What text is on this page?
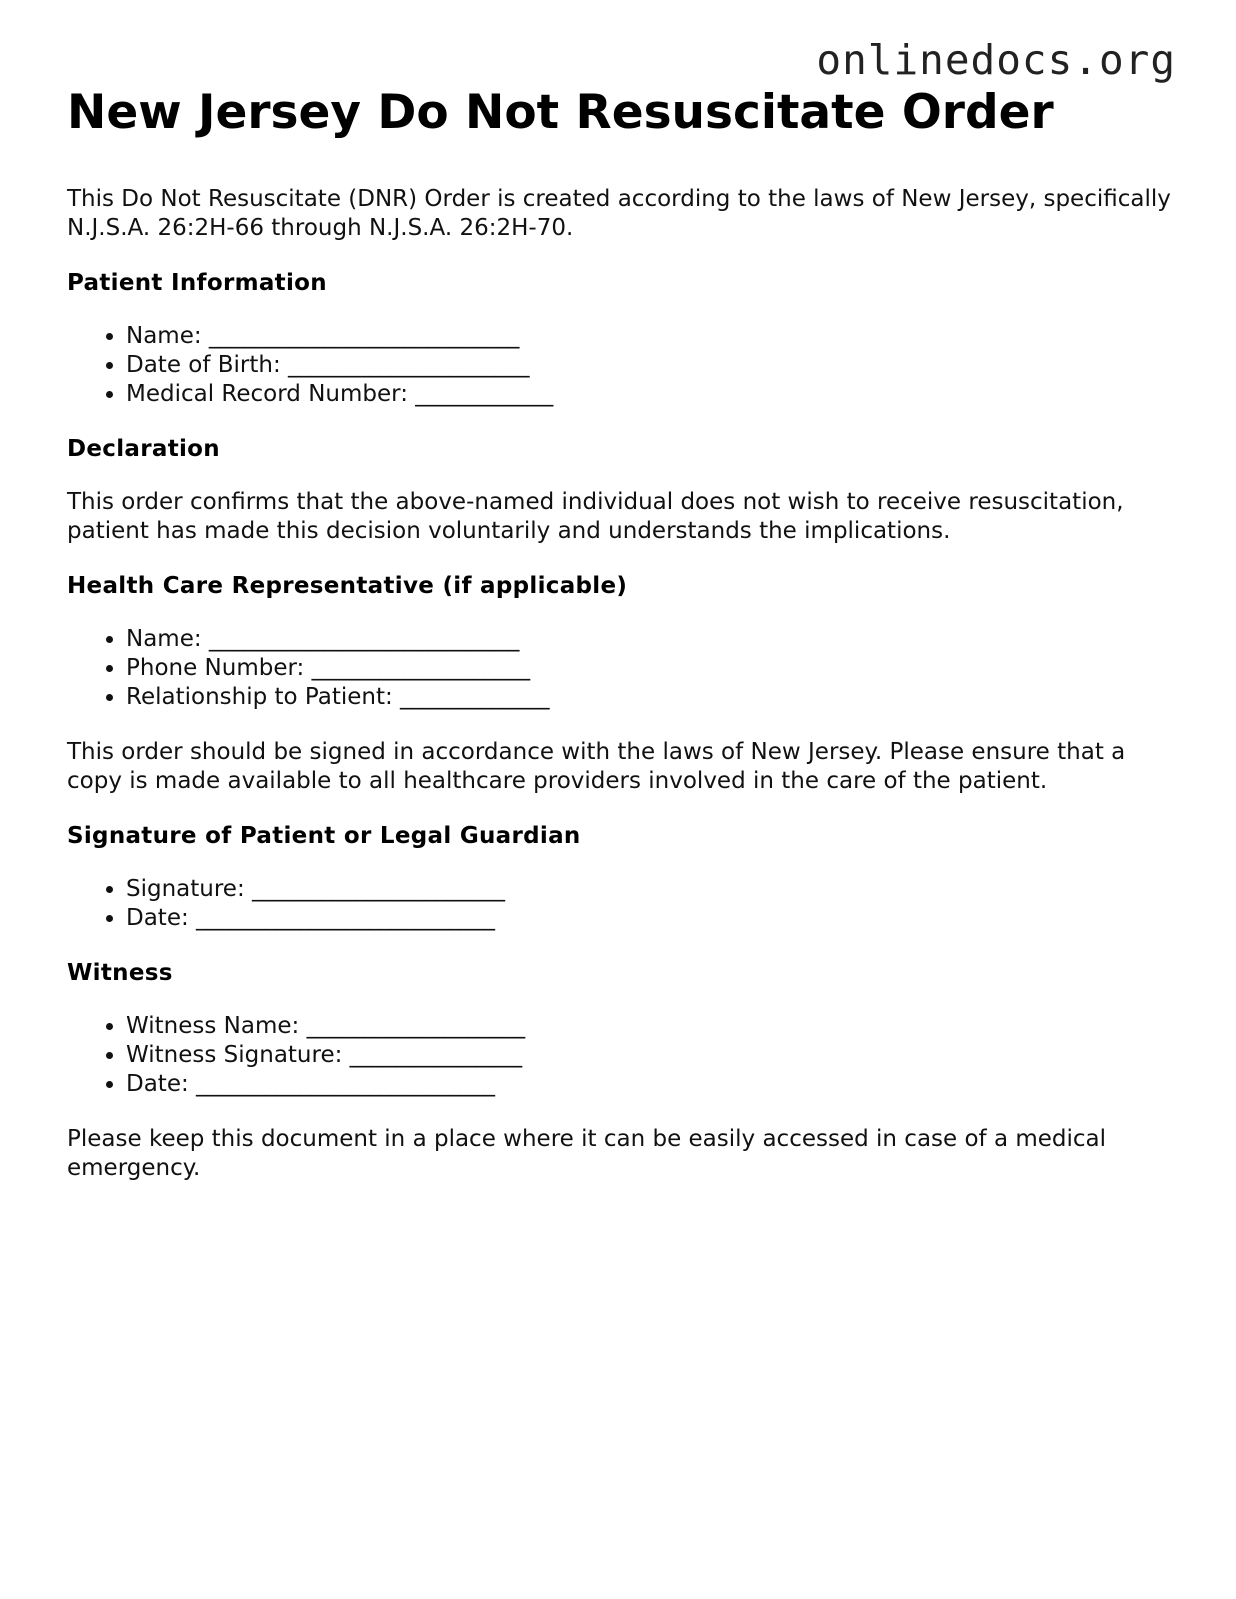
onlinedocs.org
New Jersey Do Not Resuscitate Order

This Do Not Resuscitate (DNR) Order is created according to the laws of New Jersey, specifically N.J.S.A. 26:2H-66 through N.J.S.A. 26:2H-70.

Patient Information
• Name: ___________________________
• Date of Birth: _____________________
• Medical Record Number: ____________
Declaration

This order confirms that the above-named individual does not wish to receive resuscitation, patient has made this decision voluntarily and understands the implications.

Health Care Representative (if applicable)
• Name: ___________________________
• Phone Number: ___________________
• Relationship to Patient: _____________

This order should be signed in accordance with the laws of New Jersey. Please ensure that a copy is made available to all healthcare providers involved in the care of the patient.

Signature of Patient or Legal Guardian
• Signature: ______________________
• Date: __________________________
Witness
• Witness Name: ___________________
• Witness Signature: _______________
• Date: __________________________

Please keep this document in a place where it can be easily accessed in case of a medical emergency.
